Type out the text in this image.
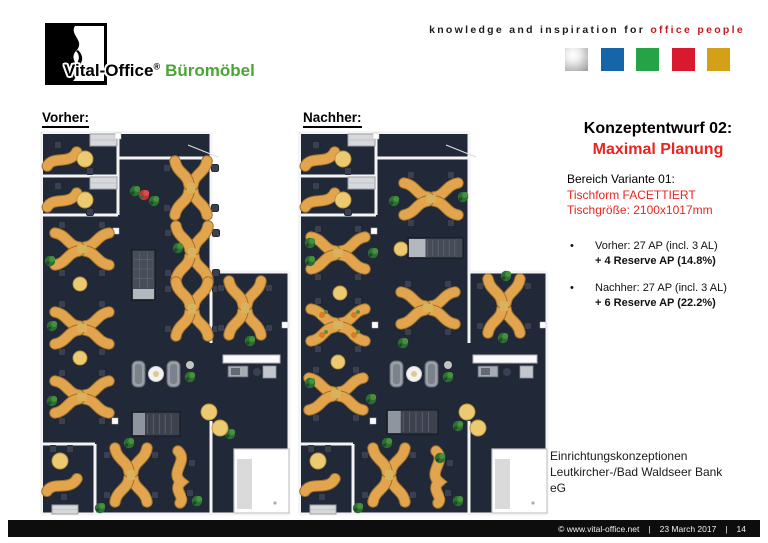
Vital-Office® Büromöbel
knowledge and inspiration for office people
Vorher:	Nachher:
Konzeptentwurf 02:
Maximal Planung
Bereich Variante 01:
Tischform FACETTIERT
Tischgröße: 2100x1017mm
•	Vorher: 27 AP (incl. 3 AL)
+ 4 Reserve AP (14.8%)
•	Nachher: 27 AP (incl. 3 AL)
+ 6 Reserve AP (22.2%)
Einrichtungskonzeptionen
Leutkircher-/Bad Waldseer Bank
eG
© www.vital-office.net | 23 March 2017 | 14
